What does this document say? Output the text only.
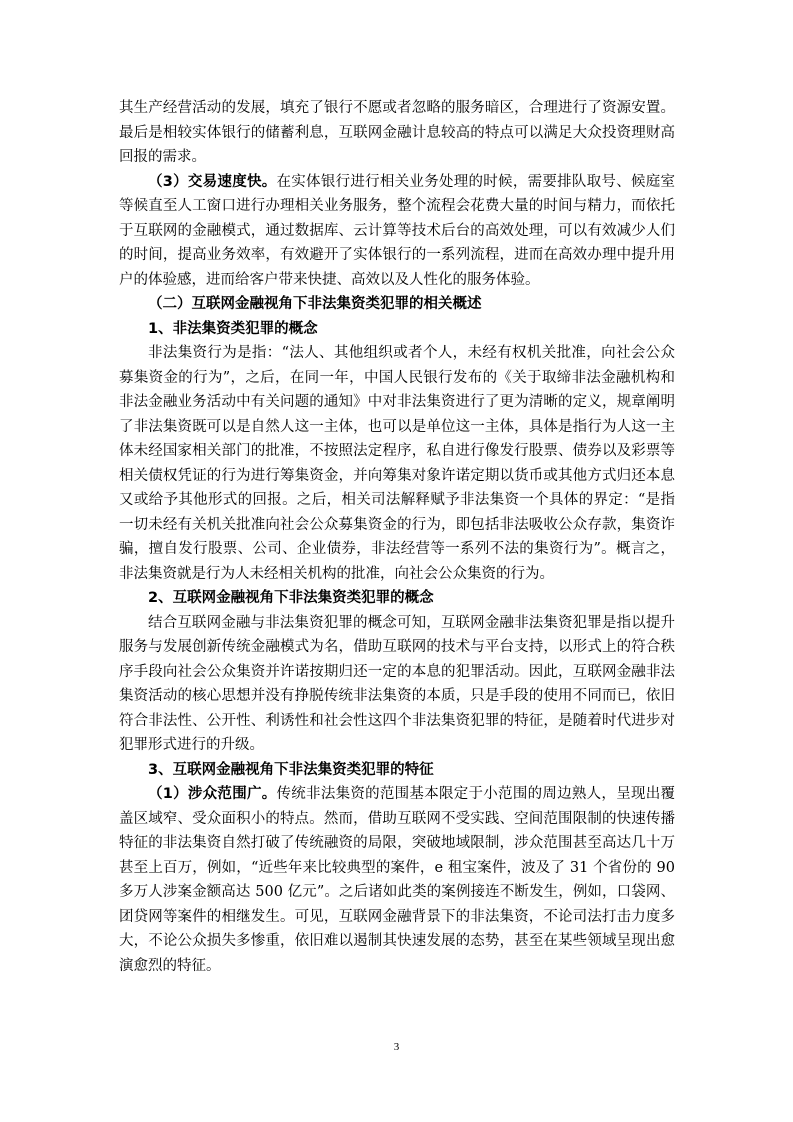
其生产经营活动的发展，填充了银行不愿或者忽略的服务暗区，合理进行了资源安置。最后是相较实体银行的储蓄利息，互联网金融计息较高的特点可以满足大众投资理财高回报的需求。

（3）交易速度快。在实体银行进行相关业务处理的时候，需要排队取号、候庭室等候直至人工窗口进行办理相关业务服务，整个流程会花费大量的时间与精力，而依托于互联网的金融模式，通过数据库、云计算等技术后台的高效处理，可以有效减少人们的时间，提高业务效率，有效避开了实体银行的一系列流程，进而在高效办理中提升用户的体验感，进而给客户带来快捷、高效以及人性化的服务体验。

（二）互联网金融视角下非法集资类犯罪的相关概述

1、非法集资类犯罪的概念

非法集资行为是指：“法人、其他组织或者个人，未经有权机关批准，向社会公众募集资金的行为”，之后，在同一年，中国人民银行发布的《关于取缔非法金融机构和非法金融业务活动中有关问题的通知》中对非法集资进行了更为清晰的定义，规章阐明了非法集资既可以是自然人这一主体，也可以是单位这一主体，具体是指行为人这一主体未经国家相关部门的批准，不按照法定程序，私自进行像发行股票、债券以及彩票等相关债权凭证的行为进行筹集资金，并向筹集对象许诺定期以货币或其他方式归还本息又或给予其他形式的回报。之后，相关司法解释赋予非法集资一个具体的界定：“是指一切未经有关机关批准向社会公众募集资金的行为，即包括非法吸收公众存款，集资诈骗，擅自发行股票、公司、企业债券，非法经营等一系列不法的集资行为”。概言之，非法集资就是行为人未经相关机构的批准，向社会公众集资的行为。

2、互联网金融视角下非法集资类犯罪的概念

结合互联网金融与非法集资犯罪的概念可知，互联网金融非法集资犯罪是指以提升服务与发展创新传统金融模式为名，借助互联网的技术与平台支持，以形式上的符合秩序手段向社会公众集资并许诺按期归还一定的本息的犯罪活动。因此，互联网金融非法集资活动的核心思想并没有挣脱传统非法集资的本质，只是手段的使用不同而已，依旧符合非法性、公开性、利诱性和社会性这四个非法集资犯罪的特征，是随着时代进步对犯罪形式进行的升级。

3、互联网金融视角下非法集资类犯罪的特征

（1）涉众范围广。传统非法集资的范围基本限定于小范围的周边熟人，呈现出覆盖区域窄、受众面积小的特点。然而，借助互联网不受实践、空间范围限制的快速传播特征的非法集资自然打破了传统融资的局限，突破地域限制，涉众范围甚至高达几十万甚至上百万，例如，“近些年来比较典型的案件，e 租宝案件，波及了 31 个省份的 90 多万人涉案金额高达 500 亿元”。之后诸如此类的案例接连不断发生，例如，口袋网、团贷网等案件的相继发生。可见，互联网金融背景下的非法集资，不论司法打击力度多大，不论公众损失多惨重，依旧难以遏制其快速发展的态势，甚至在某些领域呈现出愈演愈烈的特征。

3
